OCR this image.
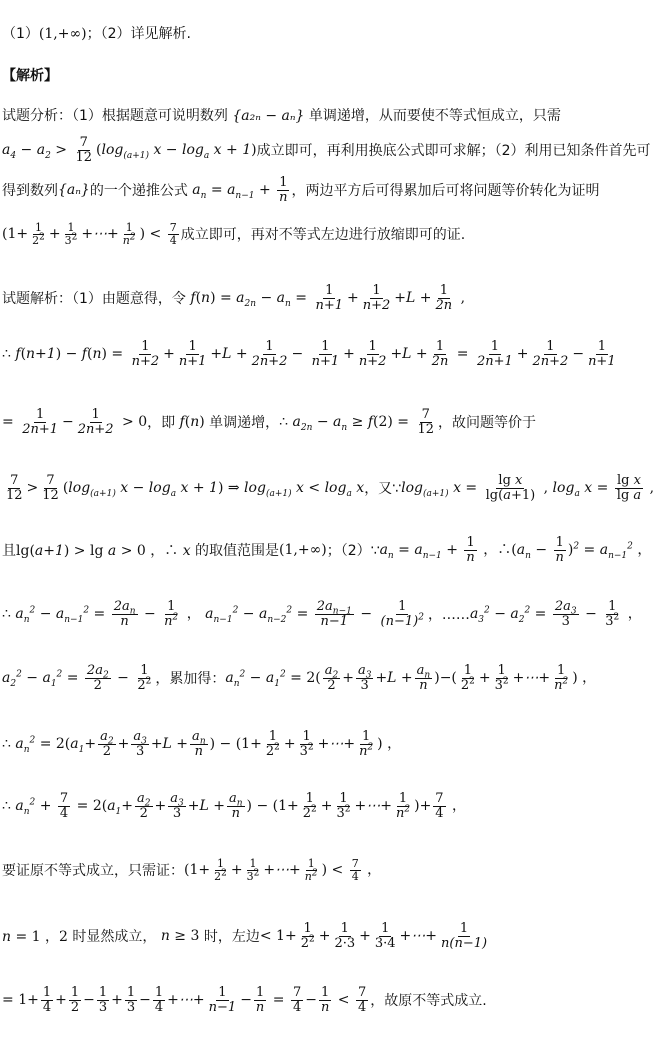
（1）(1,+∞)；（2）详见解析.
【解析】
试题分析：（1）根据题意可说明数列 {a₂ₙ − aₙ} 单调递增，从而要使不等式恒成立，只需
$a_4 - a_2 > \frac{7}{12} (\log_{(a+1)}$ $x - \log_a x + 1$) 成立即可，再利用换底公式即可求解；（2）利用已知条件首先可
得到数列 {aₙ} 的一个递推公式 $a_n = a_{n-1} + \frac{1}{n}$ ，两边平方后可得累加后可将问题等价转化为证明
($1+ \frac{1}{2^2} + \frac{1}{3^2}$ +⋯+ $\frac{1}{n^2}$ ) < $\frac{7}{4}$ 成立即可，再对不等式左边进行放缩即可的证.
试题解析：（1）由题意得，令 $f(n) = a_{2n} - a_n = \frac{1}{n+1} + \frac{1}{n+2} +L + \frac{1}{2n}$ ,
∴ $f(n+1) - f(n) = \frac{1}{n+2} + \frac{1}{n+1} +L + \frac{1}{2n+2} - \frac{1}{n+1} + \frac{1}{n+2} +L + \frac{1}{2n} = \frac{1}{2n+1} + \frac{1}{2n+2} - \frac{1}{n+1}$
= $\frac{1}{2n+1} - \frac{1}{2n+2} > 0$ ，即 f(n) 单调递增， ∴ $a_{2n} - a_n \ge f(2) = \frac{7}{12}$ ，故问题等价于
$\frac{7}{12} > \frac{7}{12} (\log_{(a+1)}$ $x - \log_a x + 1$) ⇒ $\log_{(a+1)} x < \log_a x$ ，又∵ $\log_{(a+1)} x = \frac{\text{lg x}}{\lg(a+1)}$ , $\log_a x = \frac{\text{lg x}}{\text{lg a}}$ ,
且 lg(a+1) > lg a > 0 ，∴ x 的取值范围是 (1,+∞) ；（2）∵ $a_n = a_{n-1} + \frac{1}{n}$ ，$\therefore(a_n - \frac{1}{n} )^2 = a_{n-1}^2$ ，
∴ $a_n^2 - a_{n-1}^2 = \frac{2a_n}{n} - \frac{1}{n^2}$ ， $a_{n-1}^2 - a_{n-2}^2 = \frac{2a_{n-1}}{n-1} - \frac{1}{(n-1)^2}$ ，…… $a_3^2 - a_2^2 = \frac{2a_3}{3} - \frac{1}{3^2}$ ，
$a_2^2 - a_1^2 = \frac{2a_2}{2} - \frac{1}{2^2}$ ，累加得： $a_n^2 - a_1^2 = 2( \frac{a_2}{2} + \frac{a_3}{3} +L + \frac{a_n}{n}$ )−( $\frac{1}{2^2} + \frac{1}{3^2}$ +⋯+ $\frac{1}{n^2}$ ) ，
∴ $a_n^2 = 2(a_1+ \frac{a_2}{2} + \frac{a_3}{3} +L + \frac{a_n}{n}$ ) − ($1+ \frac{1}{2^2} + \frac{1}{3^2}$ +⋯+ $\frac{1}{n^2}$ ) ，
∴ $a_n^2 + \frac{7}{4} = 2(a_1+ \frac{a_2}{2} + \frac{a_3}{3} +L + \frac{a_n}{n}$ ) − ($1+ \frac{1}{2^2} + \frac{1}{3^2}$ +⋯+ $\frac{1}{n^2}$ )+ $\frac{7}{4}$ ，
要证原不等式成立，只需证： ($1+ \frac{1}{2^2} + \frac{1}{3^2}$ +⋯+ $\frac{1}{n^2}$ ) < $\frac{7}{4}$ ，
n = 1 ，2 时显然成立， n ≥ 3 时，左边 < $1+ \frac{1}{2^2} + \frac{1}{2\cdot 3} + \frac{1}{3\cdot 4}$ +⋯+ $\frac{1}{n(n-1)}$
= $1+ \frac{1}{4} + \frac{1}{2} - \frac{1}{3} + \frac{1}{3} - \frac{1}{4}$ +⋯+ $\frac{1}{n-1} - \frac{1}{n} = \frac{7}{4} - \frac{1}{n} < \frac{7}{4}$ ，故原不等式成立.
